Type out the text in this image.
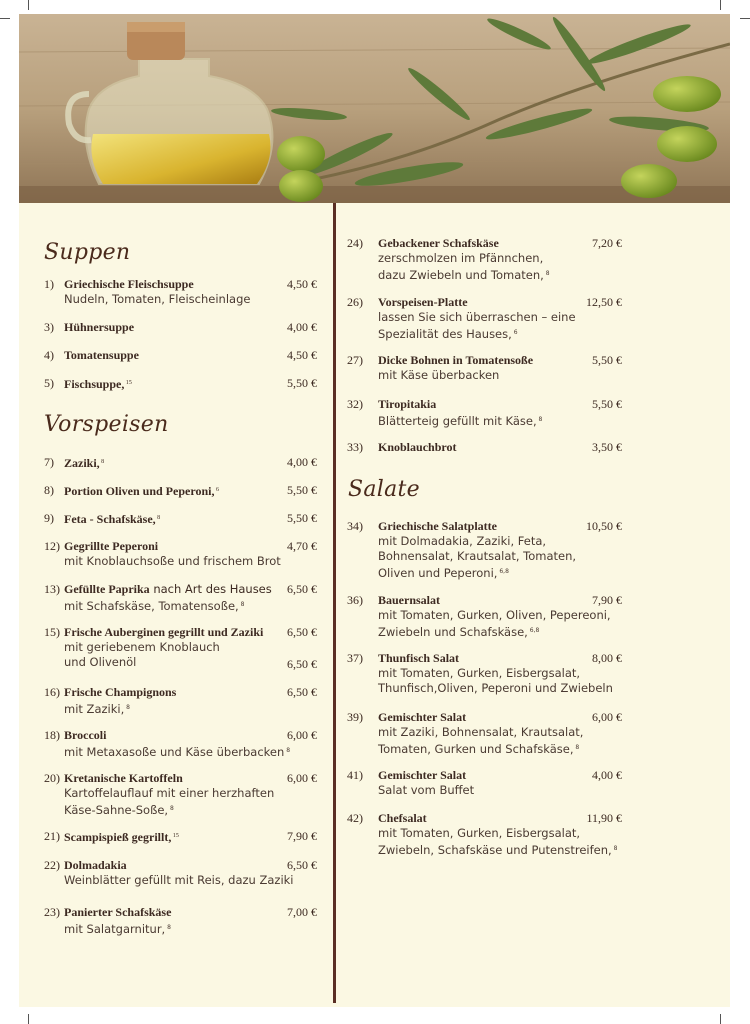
Suppen
Vorspeisen
Salate
1) Griechische Fleischsuppe	4,50 €
Nudeln, Tomaten, Fleischeinlage
3) Hühnersuppe	4,00 €
4) Tomatensuppe	4,50 €
5) Fischsuppe, $^{15}$	5,50 €
7) Zaziki, $^8$	4,00 €
8) Portion Oliven und Peperoni, $^6$	5,50 €
9) Feta - Schafskäse, $^8$	5,50 €
12) Gegrillte Peperoni	4,70 €
mit Knoblauchsoße und frischem Brot
13) Gefüllte Paprika nach Art des Hauses	6,50 €
mit Schafskäse, Tomatensoße, $^8$
15) Frische Auberginen gegrillt und Zaziki	6,50 €
mit geriebenem Knoblauch
und Olivenöl	6,50 €
16) Frische Champignons	6,50 €
mit Zaziki, $^8$
18) Broccoli	6,00 €
mit Metaxasoße und Käse überbacken $^8$
20) Kretanische Kartoffeln	6,00 €
Kartoffelauflauf mit einer herzhaften
Käse-Sahne-Soße, $^8$
21) Scampispieß gegrillt, $^{15}$	7,90 €
22) Dolmadakia	6,50 €
Weinblätter gefüllt mit Reis, dazu Zaziki
23) Panierter Schafskäse	7,00 €
mit Salatgarnitur, $^8$
24) Gebackener Schafskäse	7,20 €
zerschmolzen im Pfännchen,
dazu Zwiebeln und Tomaten, $^8$
26) Vorspeisen-Platte	12,50 €
lassen Sie sich überraschen – eine
Spezialität des Hauses, $^6$
27) Dicke Bohnen in Tomatensoße	5,50 €
mit Käse überbacken
32) Tiropitakia	5,50 €
Blätterteig gefüllt mit Käse, $^8$
33) Knoblauchbrot	3,50 €
34) Griechische Salatplatte	10,50 €
mit Dolmadakia, Zaziki, Feta,
Bohnensalat, Krautsalat, Tomaten,
Oliven und Peperoni, $^{6,8}$
36) Bauernsalat	7,90 €
mit Tomaten, Gurken, Oliven, Pepereoni,
Zwiebeln und Schafskäse, $^{6,8}$
37) Thunfisch Salat	8,00 €
mit Tomaten, Gurken, Eisbergsalat,
Thunfisch,Oliven, Peperoni und Zwiebeln
39) Gemischter Salat	6,00 €
mit Zaziki, Bohnensalat, Krautsalat,
Tomaten, Gurken und Schafskäse, $^8$
41) Gemischter Salat	4,00 €
Salat vom Buffet
42) Chefsalat	11,90 €
mit Tomaten, Gurken, Eisbergsalat,
Zwiebeln, Schafskäse und Putenstreifen, $^8$
